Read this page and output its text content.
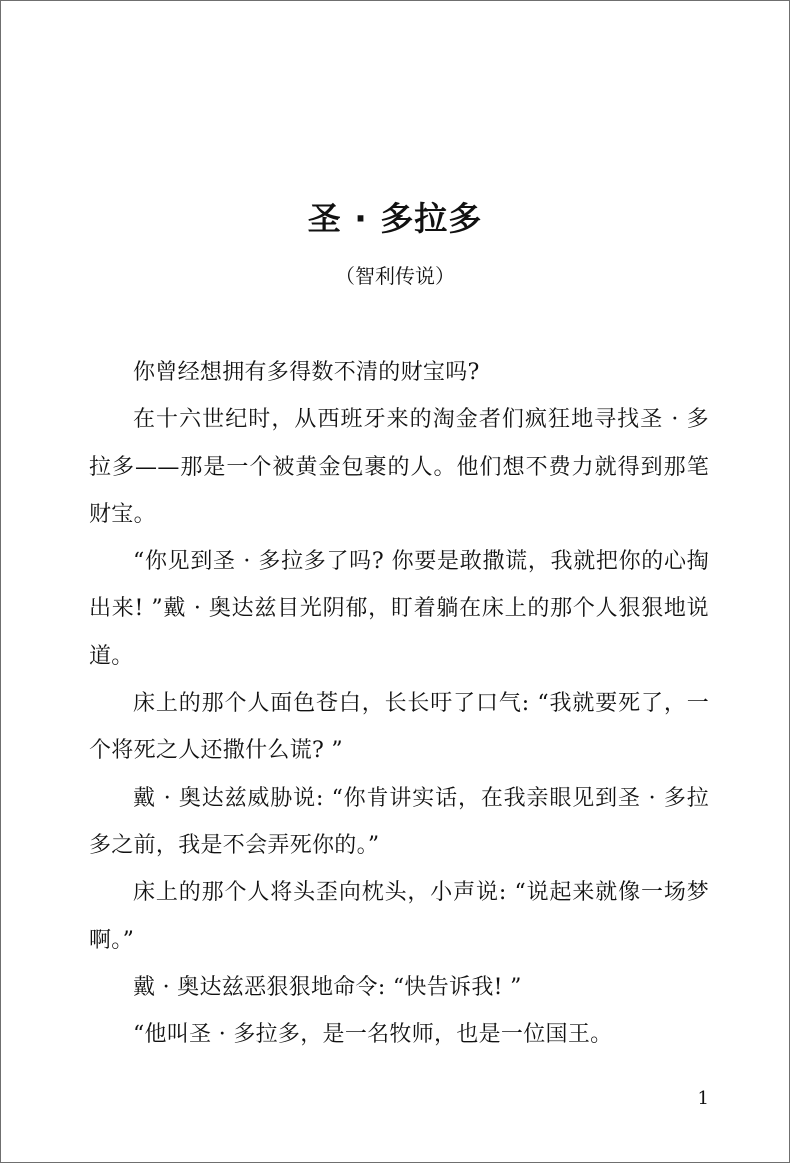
圣 · 多拉多

（智利传说）

你曾经想拥有多得数不清的财宝吗?

在十六世纪时，从西班牙来的淘金者们疯狂地寻找圣 · 多拉多——那是一个被黄金包裹的人。他们想不费力就得到那笔财宝。

“你见到圣 · 多拉多了吗? 你要是敢撒谎，我就把你的心掏出来! ”戴 · 奥达兹目光阴郁，盯着躺在床上的那个人狠狠地说道。

床上的那个人面色苍白，长长吁了口气: “我就要死了，一个将死之人还撒什么谎? ”

戴 · 奥达兹威胁说: “你肯讲实话，在我亲眼见到圣 · 多拉多之前，我是不会弄死你的。”

床上的那个人将头歪向枕头，小声说: “说起来就像一场梦啊。”

戴 · 奥达兹恶狠狠地命令: “快告诉我! ”

“他叫圣 · 多拉多，是一名牧师，也是一位国王。

1
